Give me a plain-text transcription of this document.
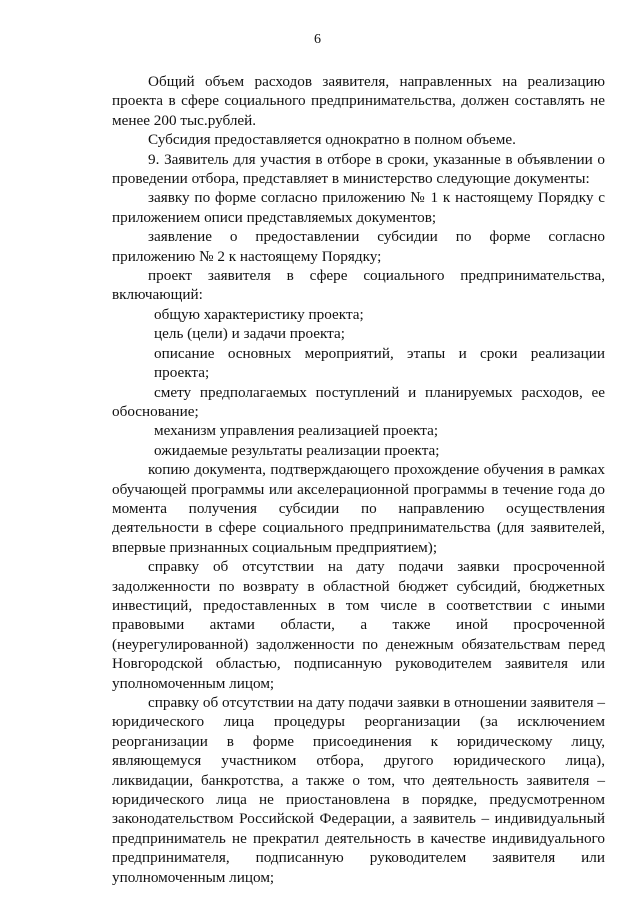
6

Общий объем расходов заявителя, направленных на реализацию проекта в сфере социального предпринимательства, должен составлять не менее 200 тыс.рублей.

Субсидия предоставляется однократно в полном объеме.

9. Заявитель для участия в отборе в сроки, указанные в объявлении о проведении отбора, представляет в министерство следующие документы:

заявку по форме согласно приложению № 1 к настоящему Порядку с приложением описи представляемых документов;

заявление о предоставлении субсидии по форме согласно приложению № 2 к настоящему Порядку;

проект заявителя в сфере социального предпринимательства, включающий:

общую характеристику проекта;

цель (цели) и задачи проекта;

описание основных мероприятий, этапы и сроки реализации проекта;

смету предполагаемых поступлений и планируемых расходов, ее обоснование;

механизм управления реализацией проекта;

ожидаемые результаты реализации проекта;

копию документа, подтверждающего прохождение обучения в рамках обучающей программы или акселерационной программы в течение года до момента получения субсидии по направлению осуществления деятельности в сфере социального предпринимательства (для заявителей, впервые признанных социальным предприятием);

справку об отсутствии на дату подачи заявки просроченной задолженности по возврату в областной бюджет субсидий, бюджетных инвестиций, предоставленных в том числе в соответствии с иными правовыми актами области, а также иной просроченной (неурегулированной) задолженности по денежным обязательствам перед Новгородской областью, подписанную руководителем заявителя или уполномоченным лицом;

справку об отсутствии на дату подачи заявки в отношении заявителя – юридического лица процедуры реорганизации (за исключением реорганизации в форме присоединения к юридическому лицу, являющемуся участником отбора, другого юридического лица), ликвидации, банкротства, а также о том, что деятельность заявителя – юридического лица не приостановлена в порядке, предусмотренном законодательством Российской Федерации, а заявитель – индивидуальный предприниматель не прекратил деятельность в качестве индивидуального предпринимателя, подписанную руководителем заявителя или уполномоченным лицом;
